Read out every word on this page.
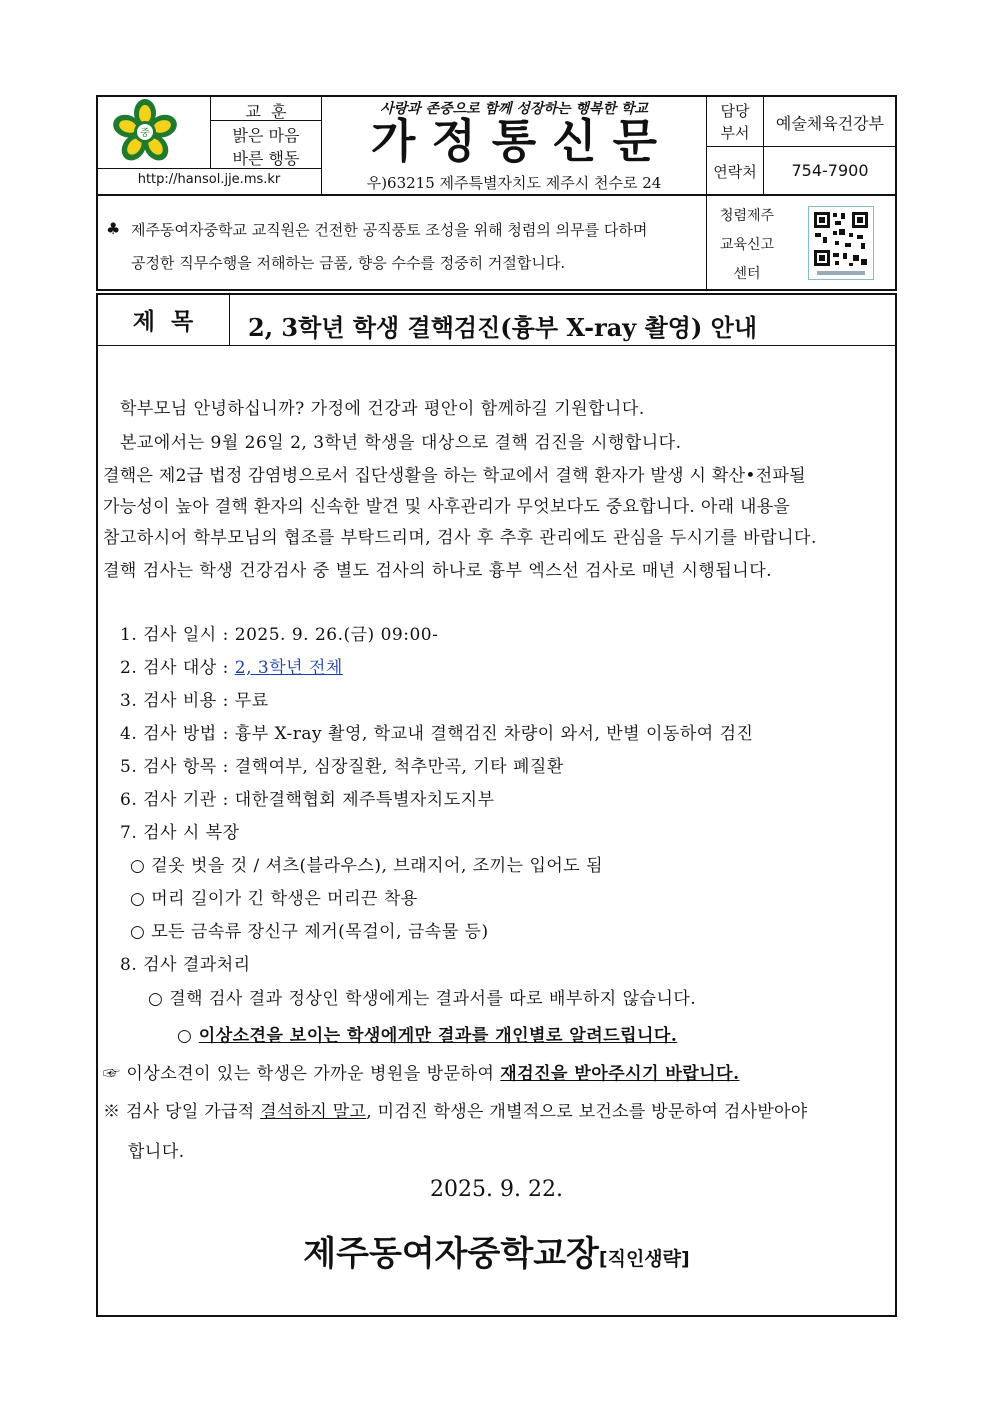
중
교  훈
밝은 마음
바른 행동
http://hansol.jje.ms.kr
사랑과 존중으로 함께 성장하는 행복한 학교
가 정 통 신 문
우)63215 제주특별자치도 제주시 천수로 24
담당 부서	예술체육건강부
연락처	754-7900
♣ 제주동여자중학교 교직원은 건전한 공직풍토 조성을 위해 청렴의 의무를 다하며
공정한 직무수행을 저해하는 금품, 향응 수수를 정중히 거절합니다.
청렴제주
교육신고
센터
제  목	2, 3학년 학생 결핵검진(흉부 X-ray 촬영) 안내
학부모님 안녕하십니까? 가정에 건강과 평안이 함께하길 기원합니다.
본교에서는 9월 26일 2, 3학년 학생을 대상으로 결핵 검진을 시행합니다.
결핵은 제2급 법정 감염병으로서 집단생활을 하는 학교에서 결핵 환자가 발생 시 확산•전파될
가능성이 높아 결핵 환자의 신속한 발견 및 사후관리가 무엇보다도 중요합니다. 아래 내용을
참고하시어 학부모님의 협조를 부탁드리며, 검사 후 추후 관리에도 관심을 두시기를 바랍니다.
결핵 검사는 학생 건강검사 중 별도 검사의 하나로 흉부 엑스선 검사로 매년 시행됩니다.
1. 검사 일시 : 2025. 9. 26.(금) 09:00-
2. 검사 대상 : 2, 3학년 전체
3. 검사 비용 : 무료
4. 검사 방법 : 흉부 X-ray 촬영, 학교내 결핵검진 차량이 와서, 반별 이동하여 검진
5. 검사 항목 : 결핵여부, 심장질환, 척추만곡, 기타 폐질환
6. 검사 기관 : 대한결핵협회 제주특별자치도지부
7. 검사 시 복장
○ 겉옷 벗을 것 / 셔츠(블라우스), 브래지어, 조끼는 입어도 됨
○ 머리 길이가 긴 학생은 머리끈 착용
○ 모든 금속류 장신구 제거(목걸이, 금속물 등)
8. 검사 결과처리
○ 결핵 검사 결과 정상인 학생에게는 결과서를 따로 배부하지 않습니다.
○ 이상소견을 보이는 학생에게만 결과를 개인별로 알려드립니다.
☞ 이상소견이 있는 학생은 가까운 병원을 방문하여 재검진을 받아주시기 바랍니다.
※ 검사 당일 가급적 결석하지 말고, 미검진 학생은 개별적으로 보건소를 방문하여 검사받아야
합니다.
2025. 9. 22.
제주동여자중학교장[직인생략]
